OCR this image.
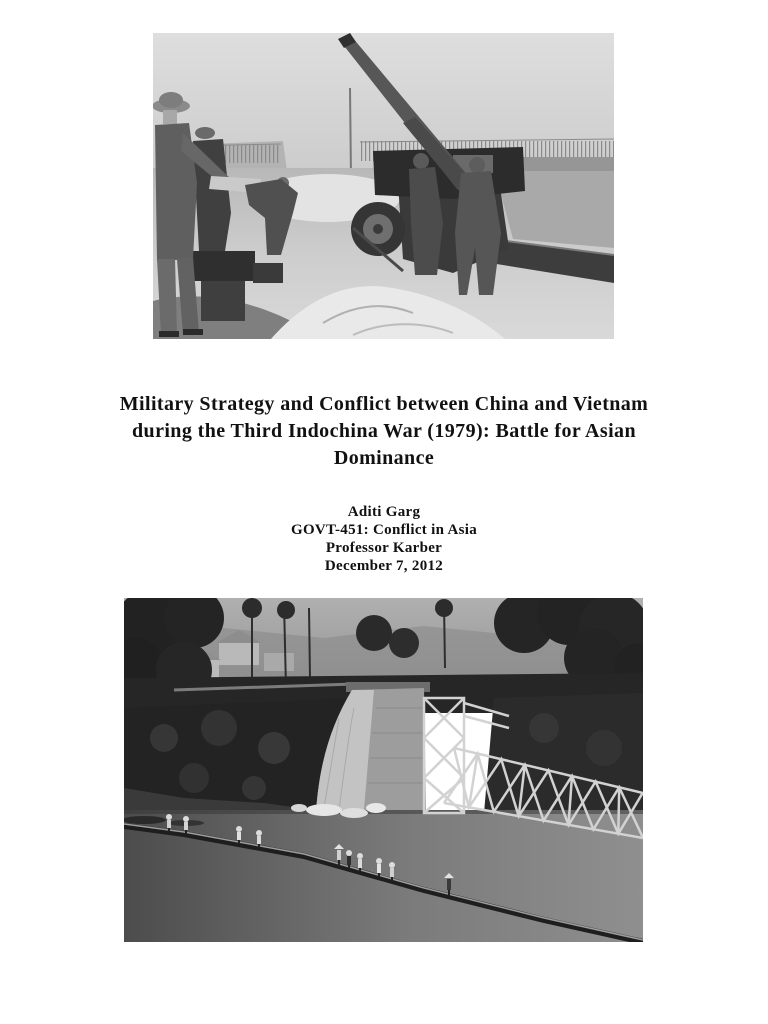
Military Strategy and Conflict between China and Vietnam during the Third Indochina War (1979): Battle for Asian Dominance
Aditi Garg
GOVT-451: Conflict in Asia
Professor Karber
December 7, 2012
